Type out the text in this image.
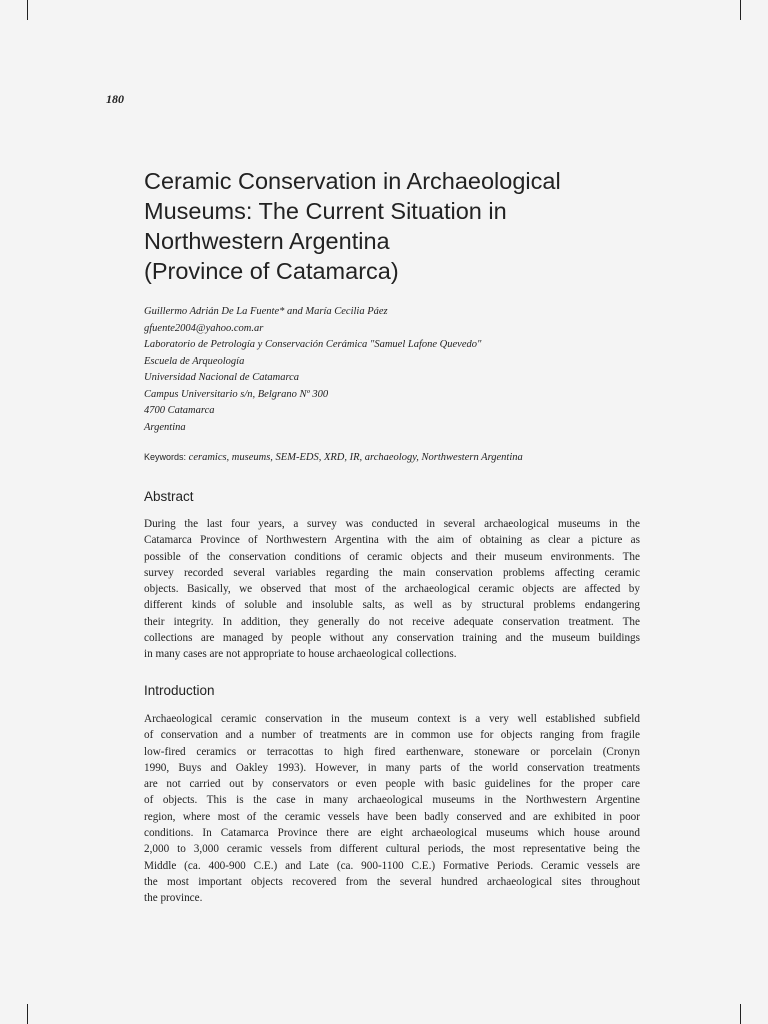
180
Ceramic Conservation in Archaeological
Museums: The Current Situation in
Northwestern Argentina
(Province of Catamarca)
Guillermo Adrián De La Fuente* and María Cecilia Páez
gfuente2004@yahoo.com.ar
Laboratorio de Petrología y Conservación Cerámica "Samuel Lafone Quevedo"
Escuela de Arqueología
Universidad Nacional de Catamarca
Campus Universitario s/n, Belgrano Nº 300
4700 Catamarca
Argentina
Keywords: ceramics, museums, SEM-EDS, XRD, IR, archaeology, Northwestern Argentina
Abstract
During the last four years, a survey was conducted in several archaeological museums in the
Catamarca Province of Northwestern Argentina with the aim of obtaining as clear a picture as
possible of the conservation conditions of ceramic objects and their museum environments. The
survey recorded several variables regarding the main conservation problems affecting ceramic
objects. Basically, we observed that most of the archaeological ceramic objects are affected by
different kinds of soluble and insoluble salts, as well as by structural problems endangering
their integrity. In addition, they generally do not receive adequate conservation treatment. The
collections are managed by people without any conservation training and the museum buildings
in many cases are not appropriate to house archaeological collections.
Introduction
Archaeological ceramic conservation in the museum context is a very well established subfield
of conservation and a number of treatments are in common use for objects ranging from fragile
low-fired ceramics or terracottas to high fired earthenware, stoneware or porcelain (Cronyn
1990, Buys and Oakley 1993). However, in many parts of the world conservation treatments
are not carried out by conservators or even people with basic guidelines for the proper care
of objects. This is the case in many archaeological museums in the Northwestern Argentine
region, where most of the ceramic vessels have been badly conserved and are exhibited in poor
conditions. In Catamarca Province there are eight archaeological museums which house around
2,000 to 3,000 ceramic vessels from different cultural periods, the most representative being the
Middle (ca. 400-900 C.E.) and Late (ca. 900-1100 C.E.) Formative Periods. Ceramic vessels are
the most important objects recovered from the several hundred archaeological sites throughout
the province.
